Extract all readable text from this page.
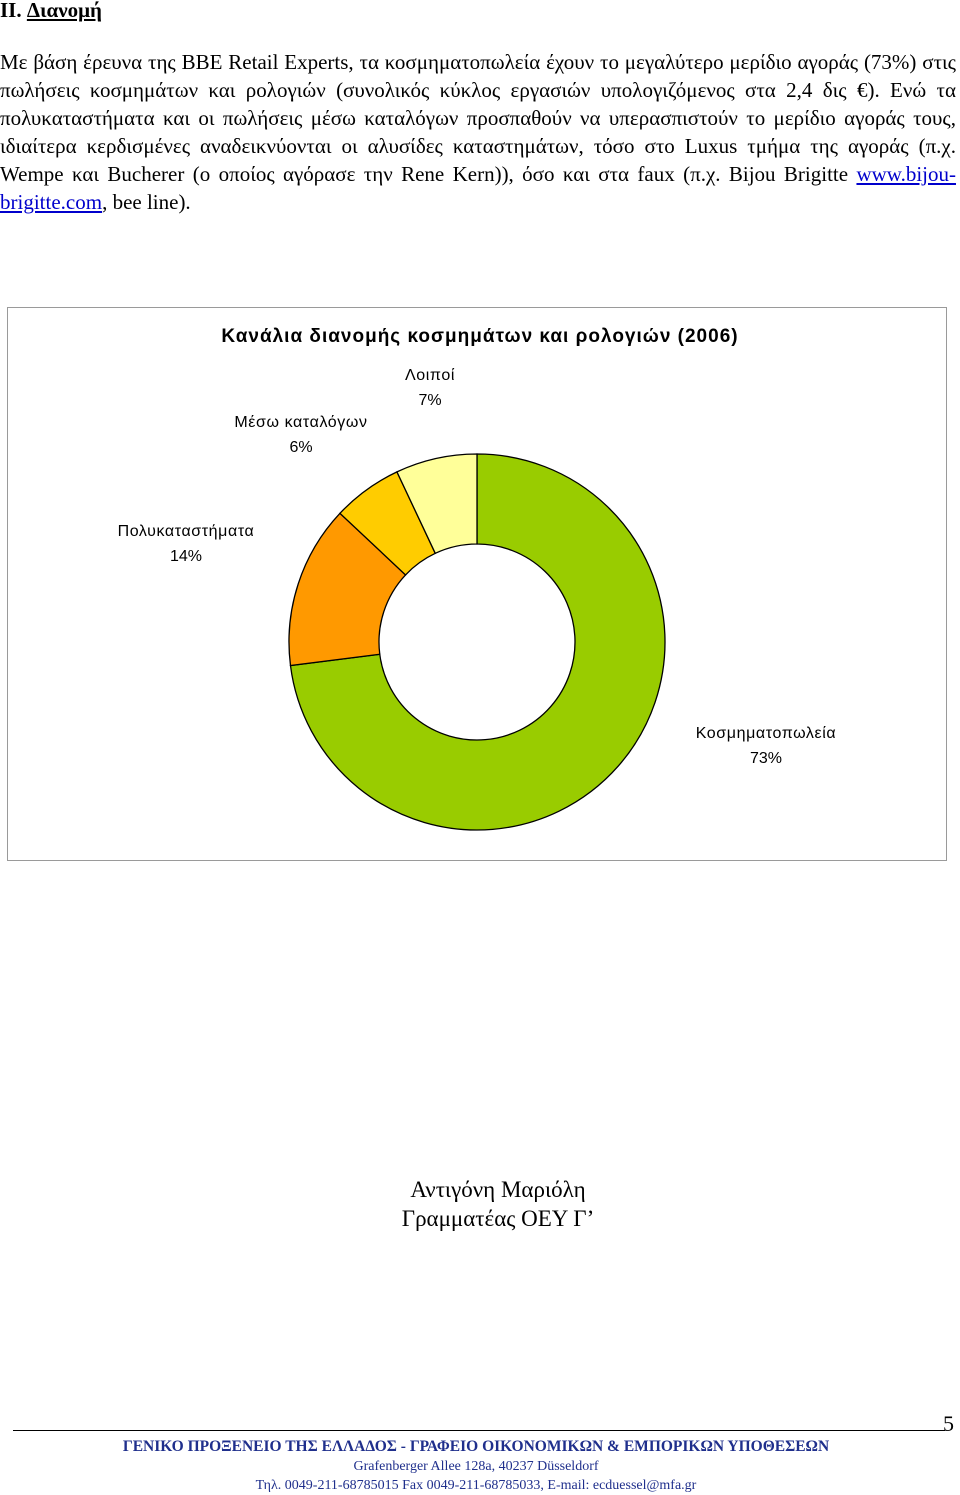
II. Διανομή

Με βάση έρευνα της BBE Retail Experts, τα κοσμηματοπωλεία έχουν το μεγαλύτερο μερίδιο αγοράς (73%) στις πωλήσεις κοσμημάτων και ρολογιών (συνολικός κύκλος εργασιών υπολογιζόμενος στα 2,4 δις €). Ενώ τα πολυκαταστήματα και οι πωλήσεις μέσω καταλόγων προσπαθούν να υπερασπιστούν το μερίδιο αγοράς τους, ιδιαίτερα κερδισμένες αναδεικνύονται οι αλυσίδες καταστημάτων, τόσο στο Luxus τμήμα της αγοράς (π.χ. Wempe και Bucherer (ο οποίος αγόρασε την Rene Kern)), όσο και στα faux (π.χ. Bijou Brigitte www.bijou-brigitte.com, bee line).

Κανάλια διανομής κοσμημάτων και ρολογιών (2006)
Κοσμηματοπωλεία
73%
Πολυκαταστήματα
14%
Μέσω καταλόγων
6%
Λοιποί
7%
Αντιγόνη Μαριόλη
Γραμματέας ΟΕΥ Γ’
5
ΓΕΝΙΚΟ ΠΡΟΞΕΝΕΙΟ ΤΗΣ ΕΛΛΑΔΟΣ - ΓΡΑΦΕΙΟ ΟΙΚΟΝΟΜΙΚΩΝ & ΕΜΠΟΡΙΚΩΝ ΥΠΟΘΕΣΕΩΝ
Grafenberger Allee 128a, 40237 Düsseldorf
Τηλ. 0049-211-68785015 Fax 0049-211-68785033, E-mail: ecduessel@mfa.gr
